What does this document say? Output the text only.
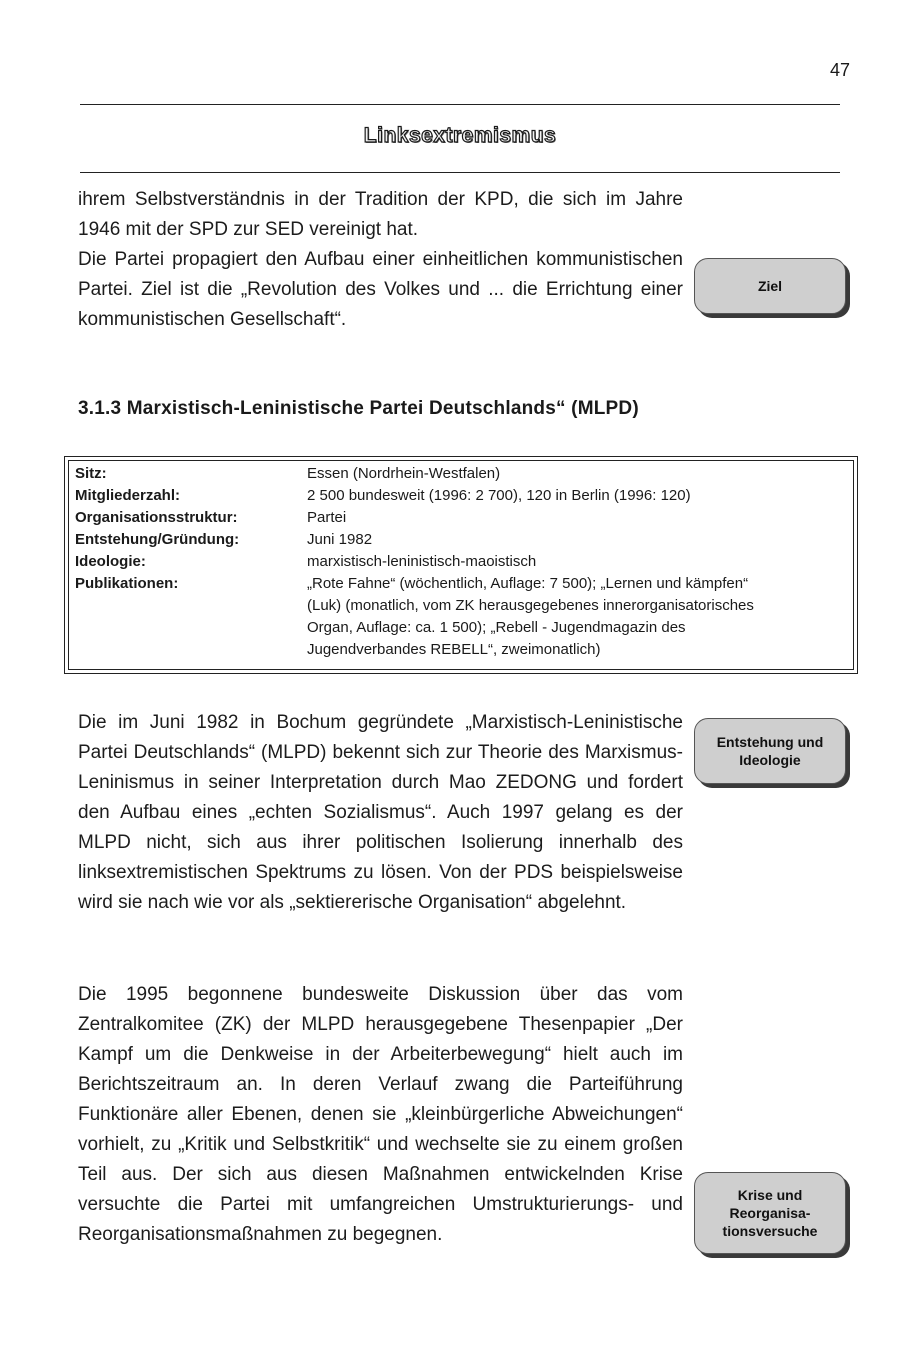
47
Linksextremismus

ihrem Selbstverständnis in der Tradition der KPD, die sich im Jahre 1946 mit der SPD zur SED vereinigt hat.

Die Partei propagiert den Aufbau einer einheitlichen kommunistischen Partei. Ziel ist die „Revolution des Volkes und ... die Errichtung einer kommunistischen Gesellschaft“.

Ziel
3.1.3 Marxistisch-Leninistische Partei Deutschlands“ (MLPD)
Sitz:	Essen (Nordrhein-Westfalen)
Mitgliederzahl:	2 500 bundesweit (1996: 2 700), 120 in Berlin (1996: 120)
Organisationsstruktur:	Partei
Entstehung/Gründung:	Juni 1982
Ideologie:	marxistisch-leninistisch-maoistisch
Publikationen:	„Rote Fahne“ (wöchentlich, Auflage: 7 500); „Lernen und kämpfen“
(Luk) (monatlich, vom ZK herausgegebenes innerorganisatorisches
Organ, Auflage: ca. 1 500); „Rebell - Jugendmagazin des
Jugendverbandes REBELL“, zweimonatlich)

Die im Juni 1982 in Bochum gegründete „Marxistisch-Leninistische Partei Deutschlands“ (MLPD) bekennt sich zur Theorie des Marxismus-Leninismus in seiner Interpretation durch Mao ZEDONG und fordert den Aufbau eines „echten Sozialismus“. Auch 1997 gelang es der MLPD nicht, sich aus ihrer politischen Isolierung innerhalb des linksextremistischen Spektrums zu lösen. Von der PDS beispielsweise wird sie nach wie vor als „sektiererische Organisation“ abgelehnt.

Entstehung und
Ideologie

Die 1995 begonnene bundesweite Diskussion über das vom Zentralkomitee (ZK) der MLPD herausgegebene Thesenpapier „Der Kampf um die Denkweise in der Arbeiterbewegung“ hielt auch im Berichtszeitraum an. In deren Verlauf zwang die Parteiführung Funktionäre aller Ebenen, denen sie „kleinbürgerliche Abweichungen“ vorhielt, zu „Kritik und Selbstkritik“ und wechselte sie zu einem großen Teil aus. Der sich aus diesen Maßnahmen entwickelnden Krise versuchte die Partei mit umfangreichen Umstrukturierungs- und Reorganisationsmaßnahmen zu begegnen.

Krise und
Reorganisa-
tionsversuche
